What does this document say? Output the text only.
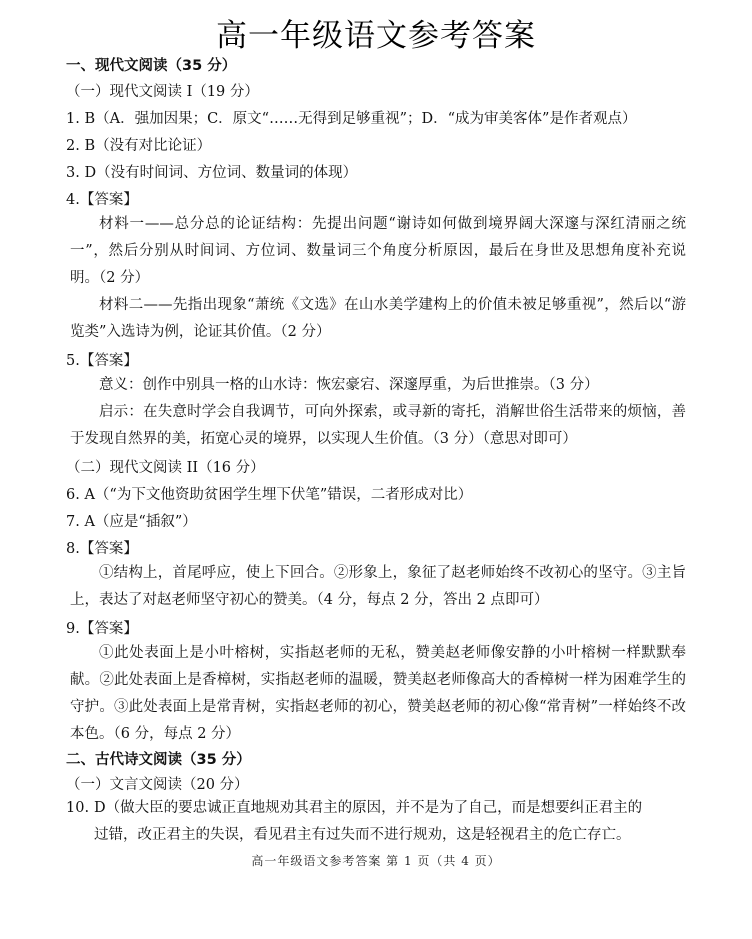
高一年级语文参考答案
一、现代文阅读（35 分）
（一）现代文阅读 I（19 分）
1. B（A．强加因果；C．原文“……无得到足够重视”；D．“成为审美客体”是作者观点）
2. B（没有对比论证）
3. D（没有时间词、方位词、数量词的体现）
4.【答案】
材料一——总分总的论证结构：先提出问题“谢诗如何做到境界阔大深邃与深红清丽之统一”，然后分别从时间词、方位词、数量词三个角度分析原因，最后在身世及思想角度补充说明。（2 分）
材料二——先指出现象“萧统《文选》在山水美学建构上的价值未被足够重视”，然后以“游览类”入选诗为例，论证其价值。（2 分）
5.【答案】
意义：创作中别具一格的山水诗：恢宏豪宕、深邃厚重，为后世推崇。（3 分）
启示：在失意时学会自我调节，可向外探索，或寻新的寄托，消解世俗生活带来的烦恼，善于发现自然界的美，拓宽心灵的境界，以实现人生价值。（3 分）（意思对即可）
（二）现代文阅读 II（16 分）
6. A（“为下文他资助贫困学生埋下伏笔”错误，二者形成对比）
7. A（应是“插叙”）
8.【答案】
①结构上，首尾呼应，使上下回合。②形象上，象征了赵老师始终不改初心的坚守。③主旨上，表达了对赵老师坚守初心的赞美。（4 分，每点 2 分，答出 2 点即可）
9.【答案】
①此处表面上是小叶榕树，实指赵老师的无私，赞美赵老师像安静的小叶榕树一样默默奉献。②此处表面上是香樟树，实指赵老师的温暖，赞美赵老师像高大的香樟树一样为困难学生的守护。③此处表面上是常青树，实指赵老师的初心，赞美赵老师的初心像“常青树”一样始终不改本色。（6 分，每点 2 分）
二、古代诗文阅读（35 分）
（一）文言文阅读（20 分）
10. D（做大臣的要忠诚正直地规劝其君主的原因，并不是为了自己，而是想要纠正君主的
过错，改正君主的失误，看见君主有过失而不进行规劝，这是轻视君主的危亡存亡。
高一年级语文参考答案 第 1 页（共 4 页）
